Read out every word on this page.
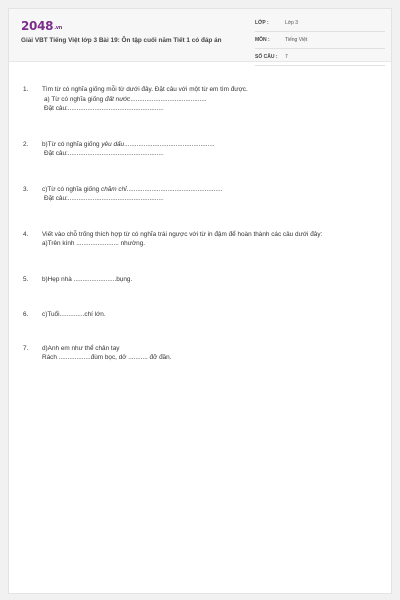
2048.vn
Giải VBT Tiếng Việt lớp 3 Bài 19: Ôn tập cuối năm Tiết 1 có đáp án
LỚP :	Lớp 3
MÔN :	Tiếng Việt
SỐ CÂU : 7
1. Tìm từ có nghĩa giống mỗi từ dưới đây. Đặt câu với một từ em tìm được.
a) Từ có nghĩa giống đất nước...........................................
Đặt câu:......................................................
2. b)Từ có nghĩa giống yêu dấu...................................................
Đặt câu:......................................................
3. c)Từ có nghĩa giống chăm chỉ......................................................
Đặt câu:......................................................
4. Viết vào chỗ trống thích hợp từ có nghĩa trái ngược với từ in đậm để hoàn thành các câu dưới đây:
a)Trên kính ........................ nhường.
5. b)Hẹp nhà ........................bụng.
6. c)Tuổi..............chí lớn.
7. d)Anh em như thể chân tay
Rách ..................đùm bọc, dở ........... đỡ đần.
